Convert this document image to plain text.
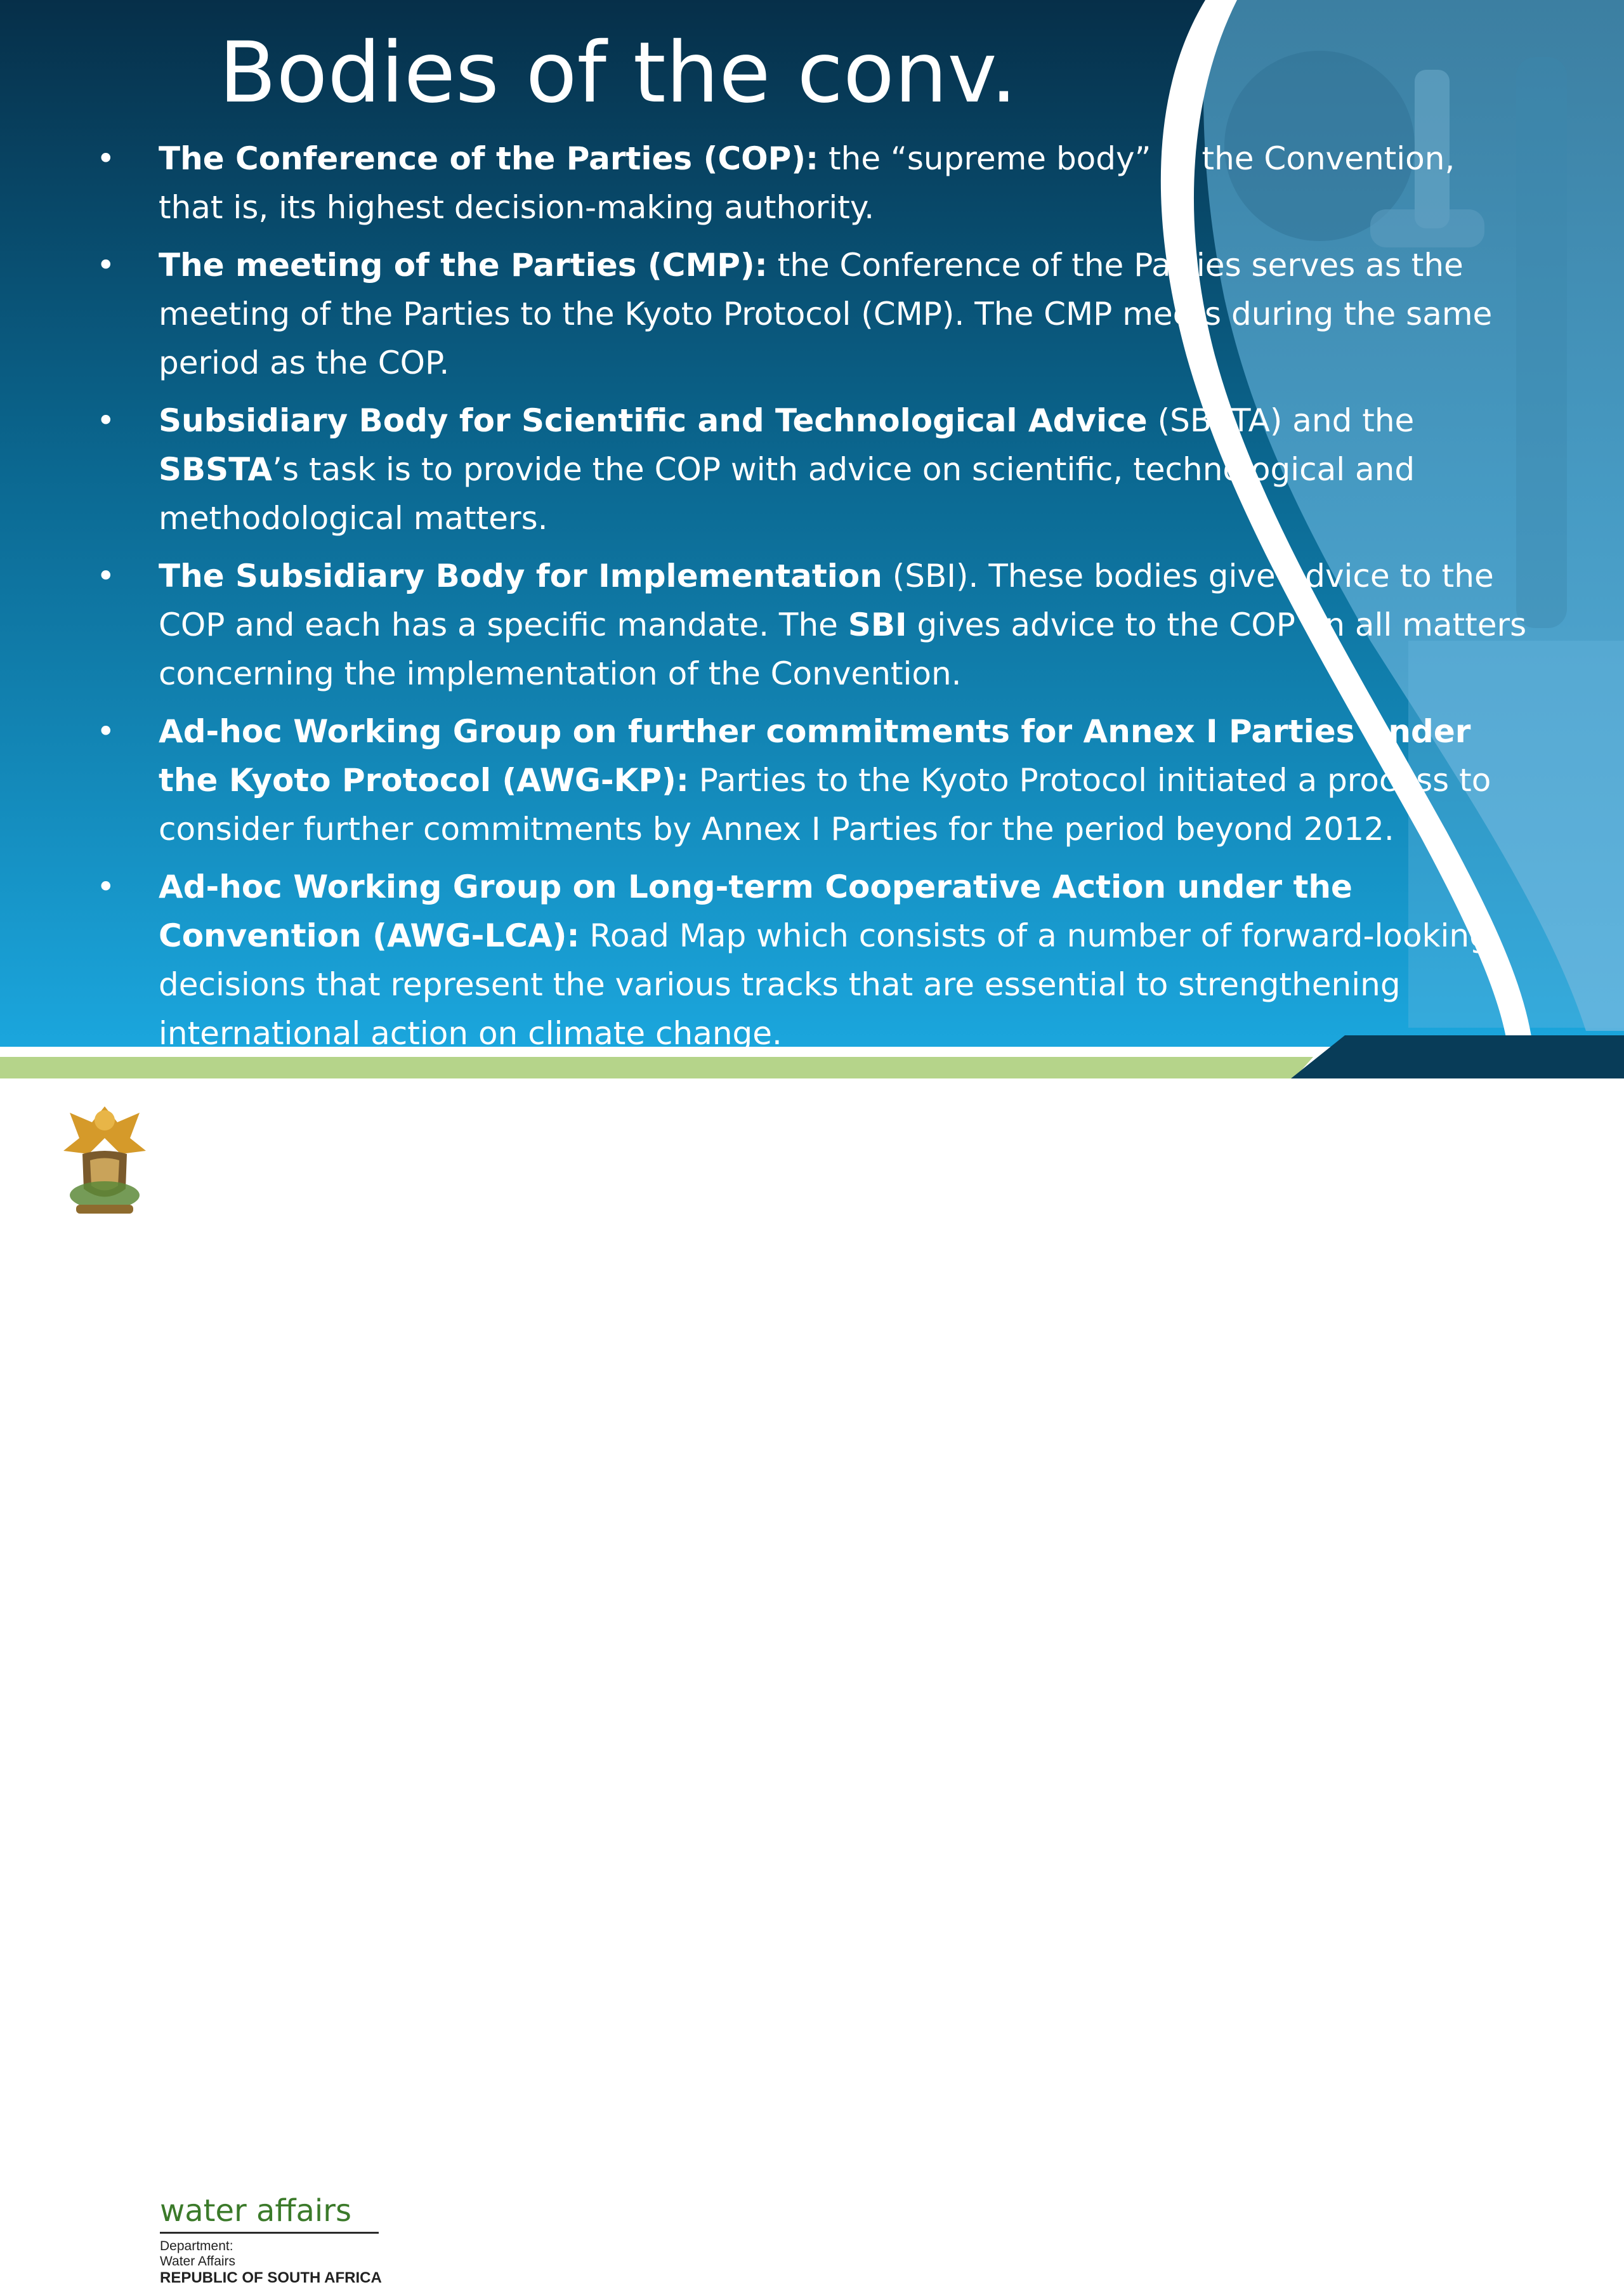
Bodies of the conv.
• The Conference of the Parties (COP): the “supreme body” of the Convention, that is, its highest decision-making authority.
• The meeting of the Parties (CMP): the Conference of the Parties serves as the meeting of the Parties to the Kyoto Protocol (CMP). The CMP meets during the same period as the COP.
• Subsidiary Body for Scientific and Technological Advice (SBSTA) and the SBSTA’s task is to provide the COP with advice on scientific, technological and methodological matters.
• The Subsidiary Body for Implementation (SBI). These bodies give advice to the COP and each has a specific mandate. The SBI gives advice to the COP on all matters concerning the implementation of the Convention.
• Ad-hoc Working Group on further commitments for Annex I Parties under the Kyoto Protocol (AWG-KP): Parties to the Kyoto Protocol initiated a process to consider further commitments by Annex I Parties for the period beyond 2012.
• Ad-hoc Working Group on Long-term Cooperative Action under the Convention (AWG-LCA): Road Map which consists of a number of forward-looking decisions that represent the various tracks that are essential to strengthening international action on climate change.
water affairs
Department:
Water Affairs
REPUBLIC OF SOUTH AFRICA
